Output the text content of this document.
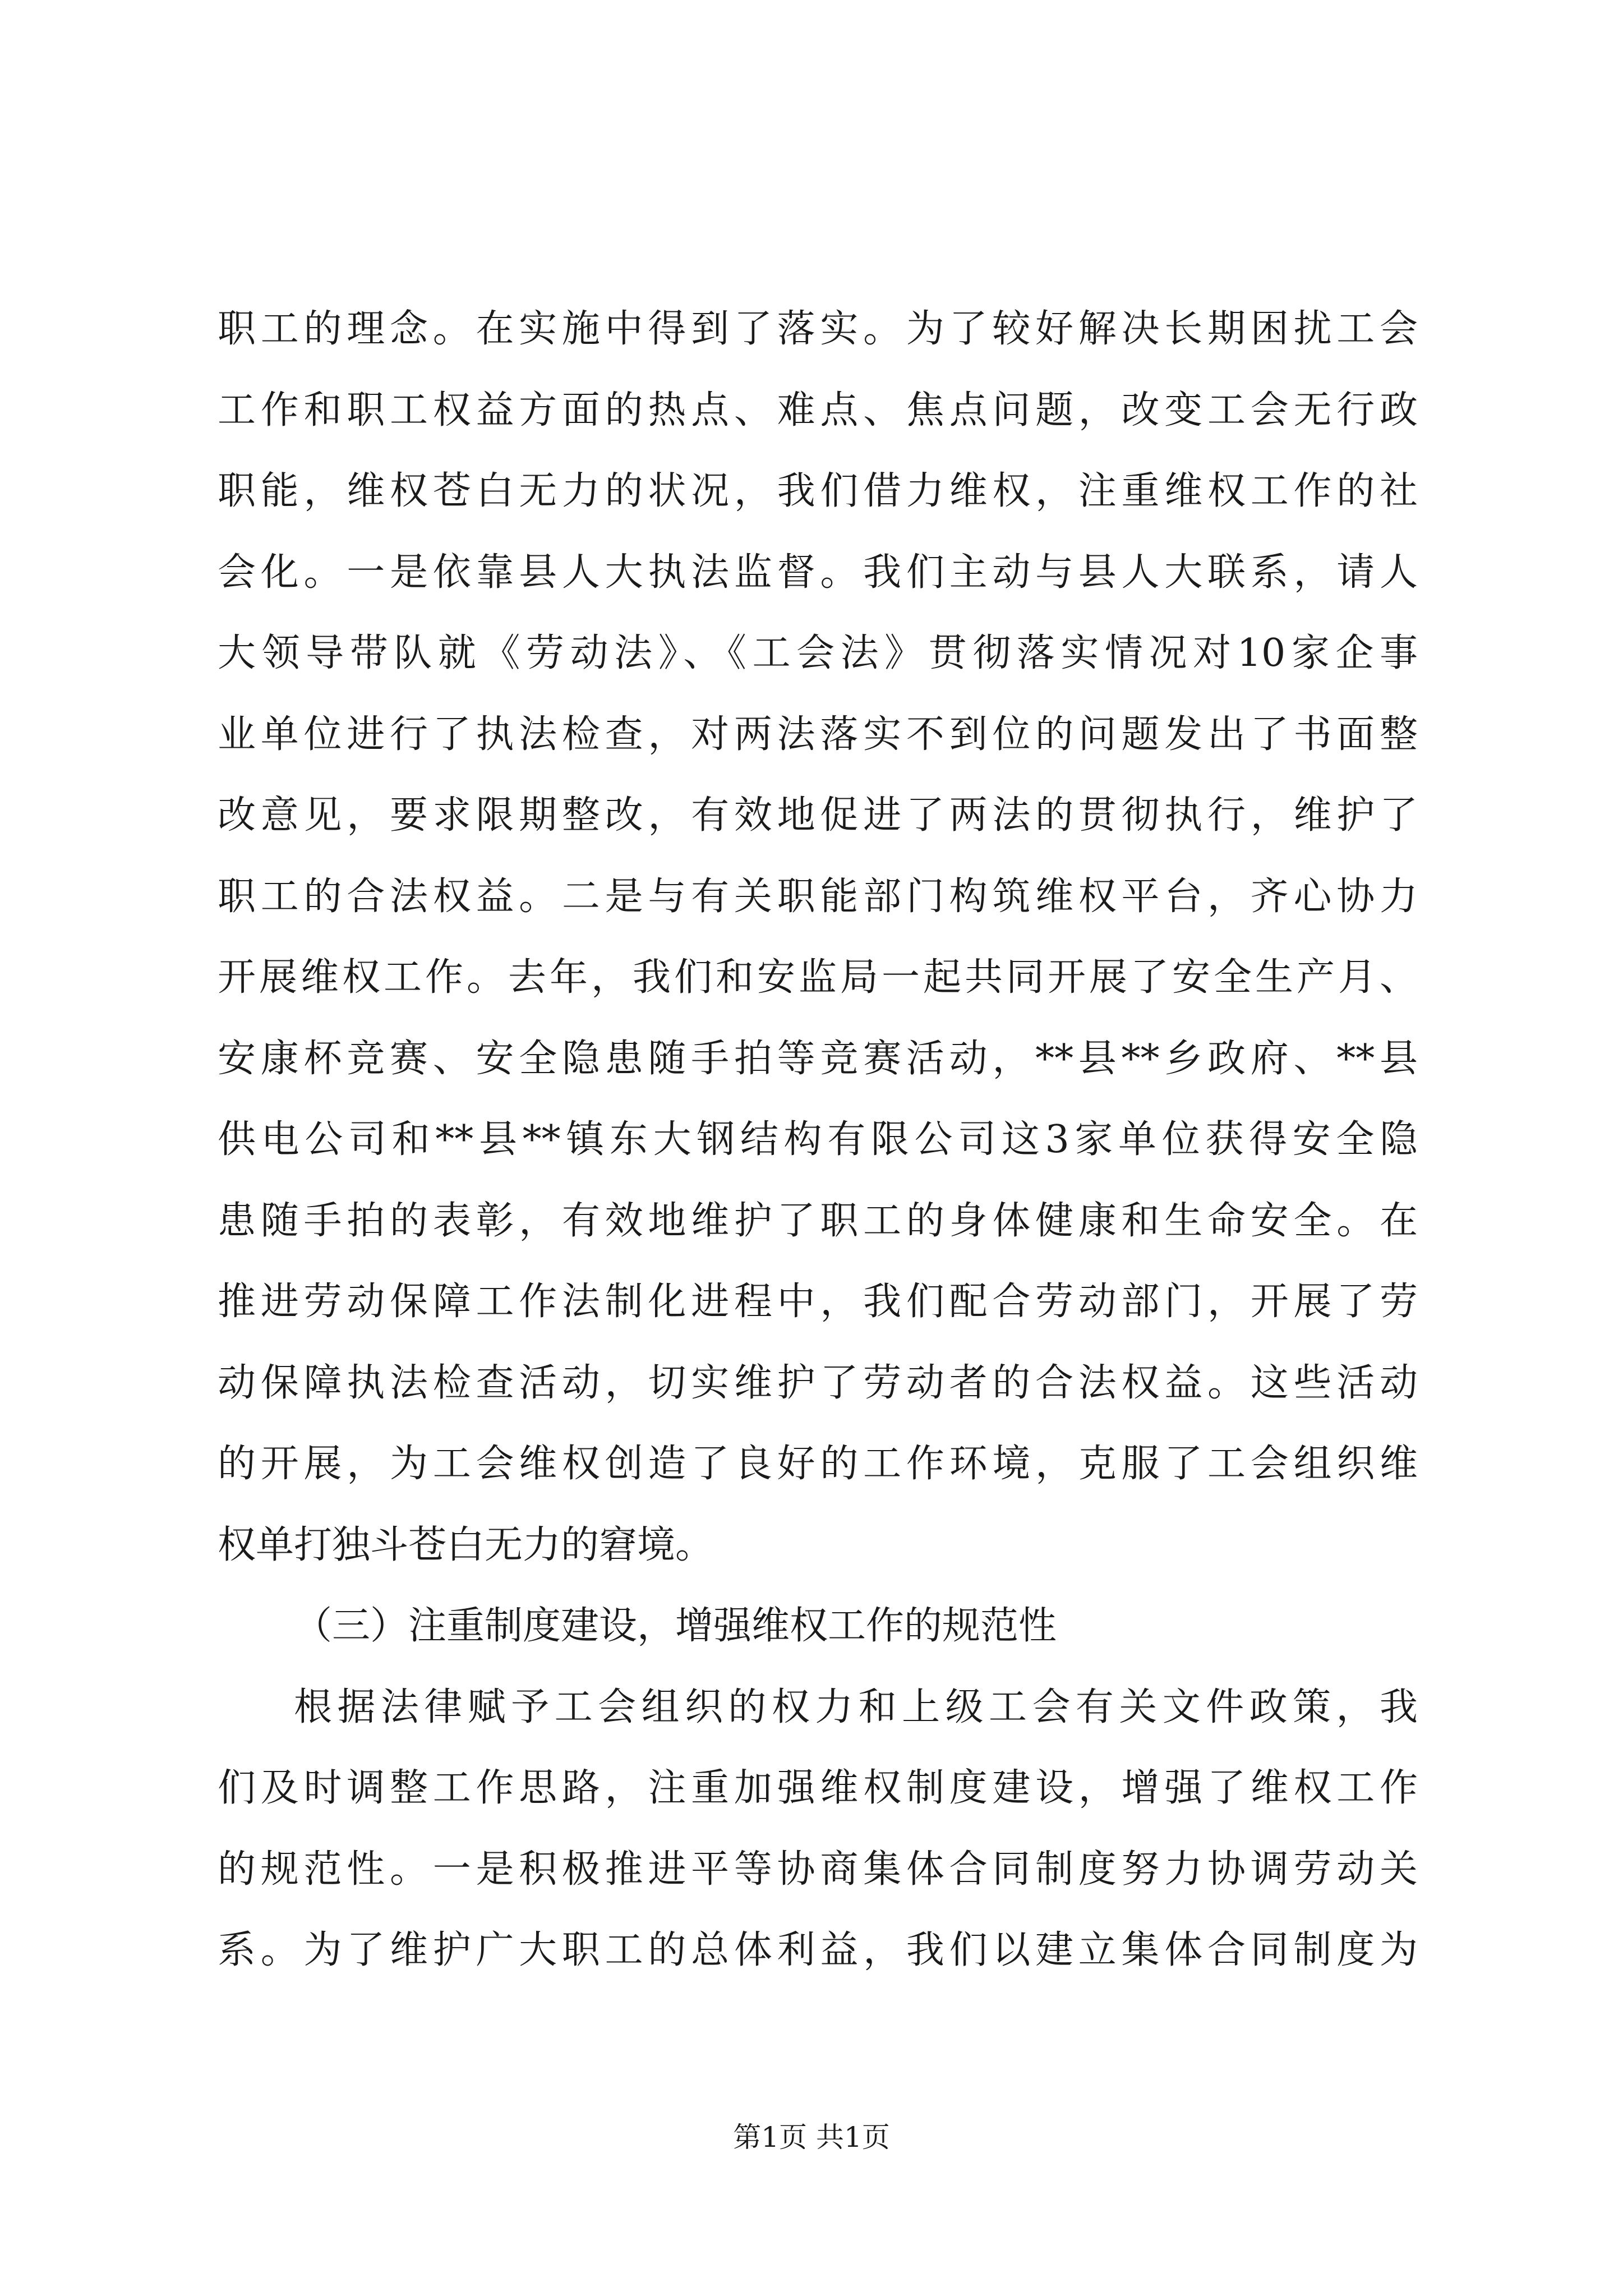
职工的理念。在实施中得到了落实。为了较好解决长期困扰工会
工作和职工权益方面的热点、难点、焦点问题，改变工会无行政
职能，维权苍白无力的状况，我们借力维权，注重维权工作的社
会化。一是依靠县人大执法监督。我们主动与县人大联系，请人
大领导带队就《劳动法》、《工会法》贯彻落实情况对10家企事
业单位进行了执法检查，对两法落实不到位的问题发出了书面整
改意见，要求限期整改，有效地促进了两法的贯彻执行，维护了
职工的合法权益。二是与有关职能部门构筑维权平台，齐心协力
开展维权工作。去年，我们和安监局一起共同开展了安全生产月、
安康杯竞赛、安全隐患随手拍等竞赛活动，**县**乡政府、**县
供电公司和**县**镇东大钢结构有限公司这3家单位获得安全隐
患随手拍的表彰，有效地维护了职工的身体健康和生命安全。在
推进劳动保障工作法制化进程中，我们配合劳动部门，开展了劳
动保障执法检查活动，切实维护了劳动者的合法权益。这些活动
的开展，为工会维权创造了良好的工作环境，克服了工会组织维
权单打独斗苍白无力的窘境。
（三）注重制度建设，增强维权工作的规范性
根据法律赋予工会组织的权力和上级工会有关文件政策，我
们及时调整工作思路，注重加强维权制度建设，增强了维权工作
的规范性。一是积极推进平等协商集体合同制度努力协调劳动关
系。为了维护广大职工的总体利益，我们以建立集体合同制度为
第1页 共1页
